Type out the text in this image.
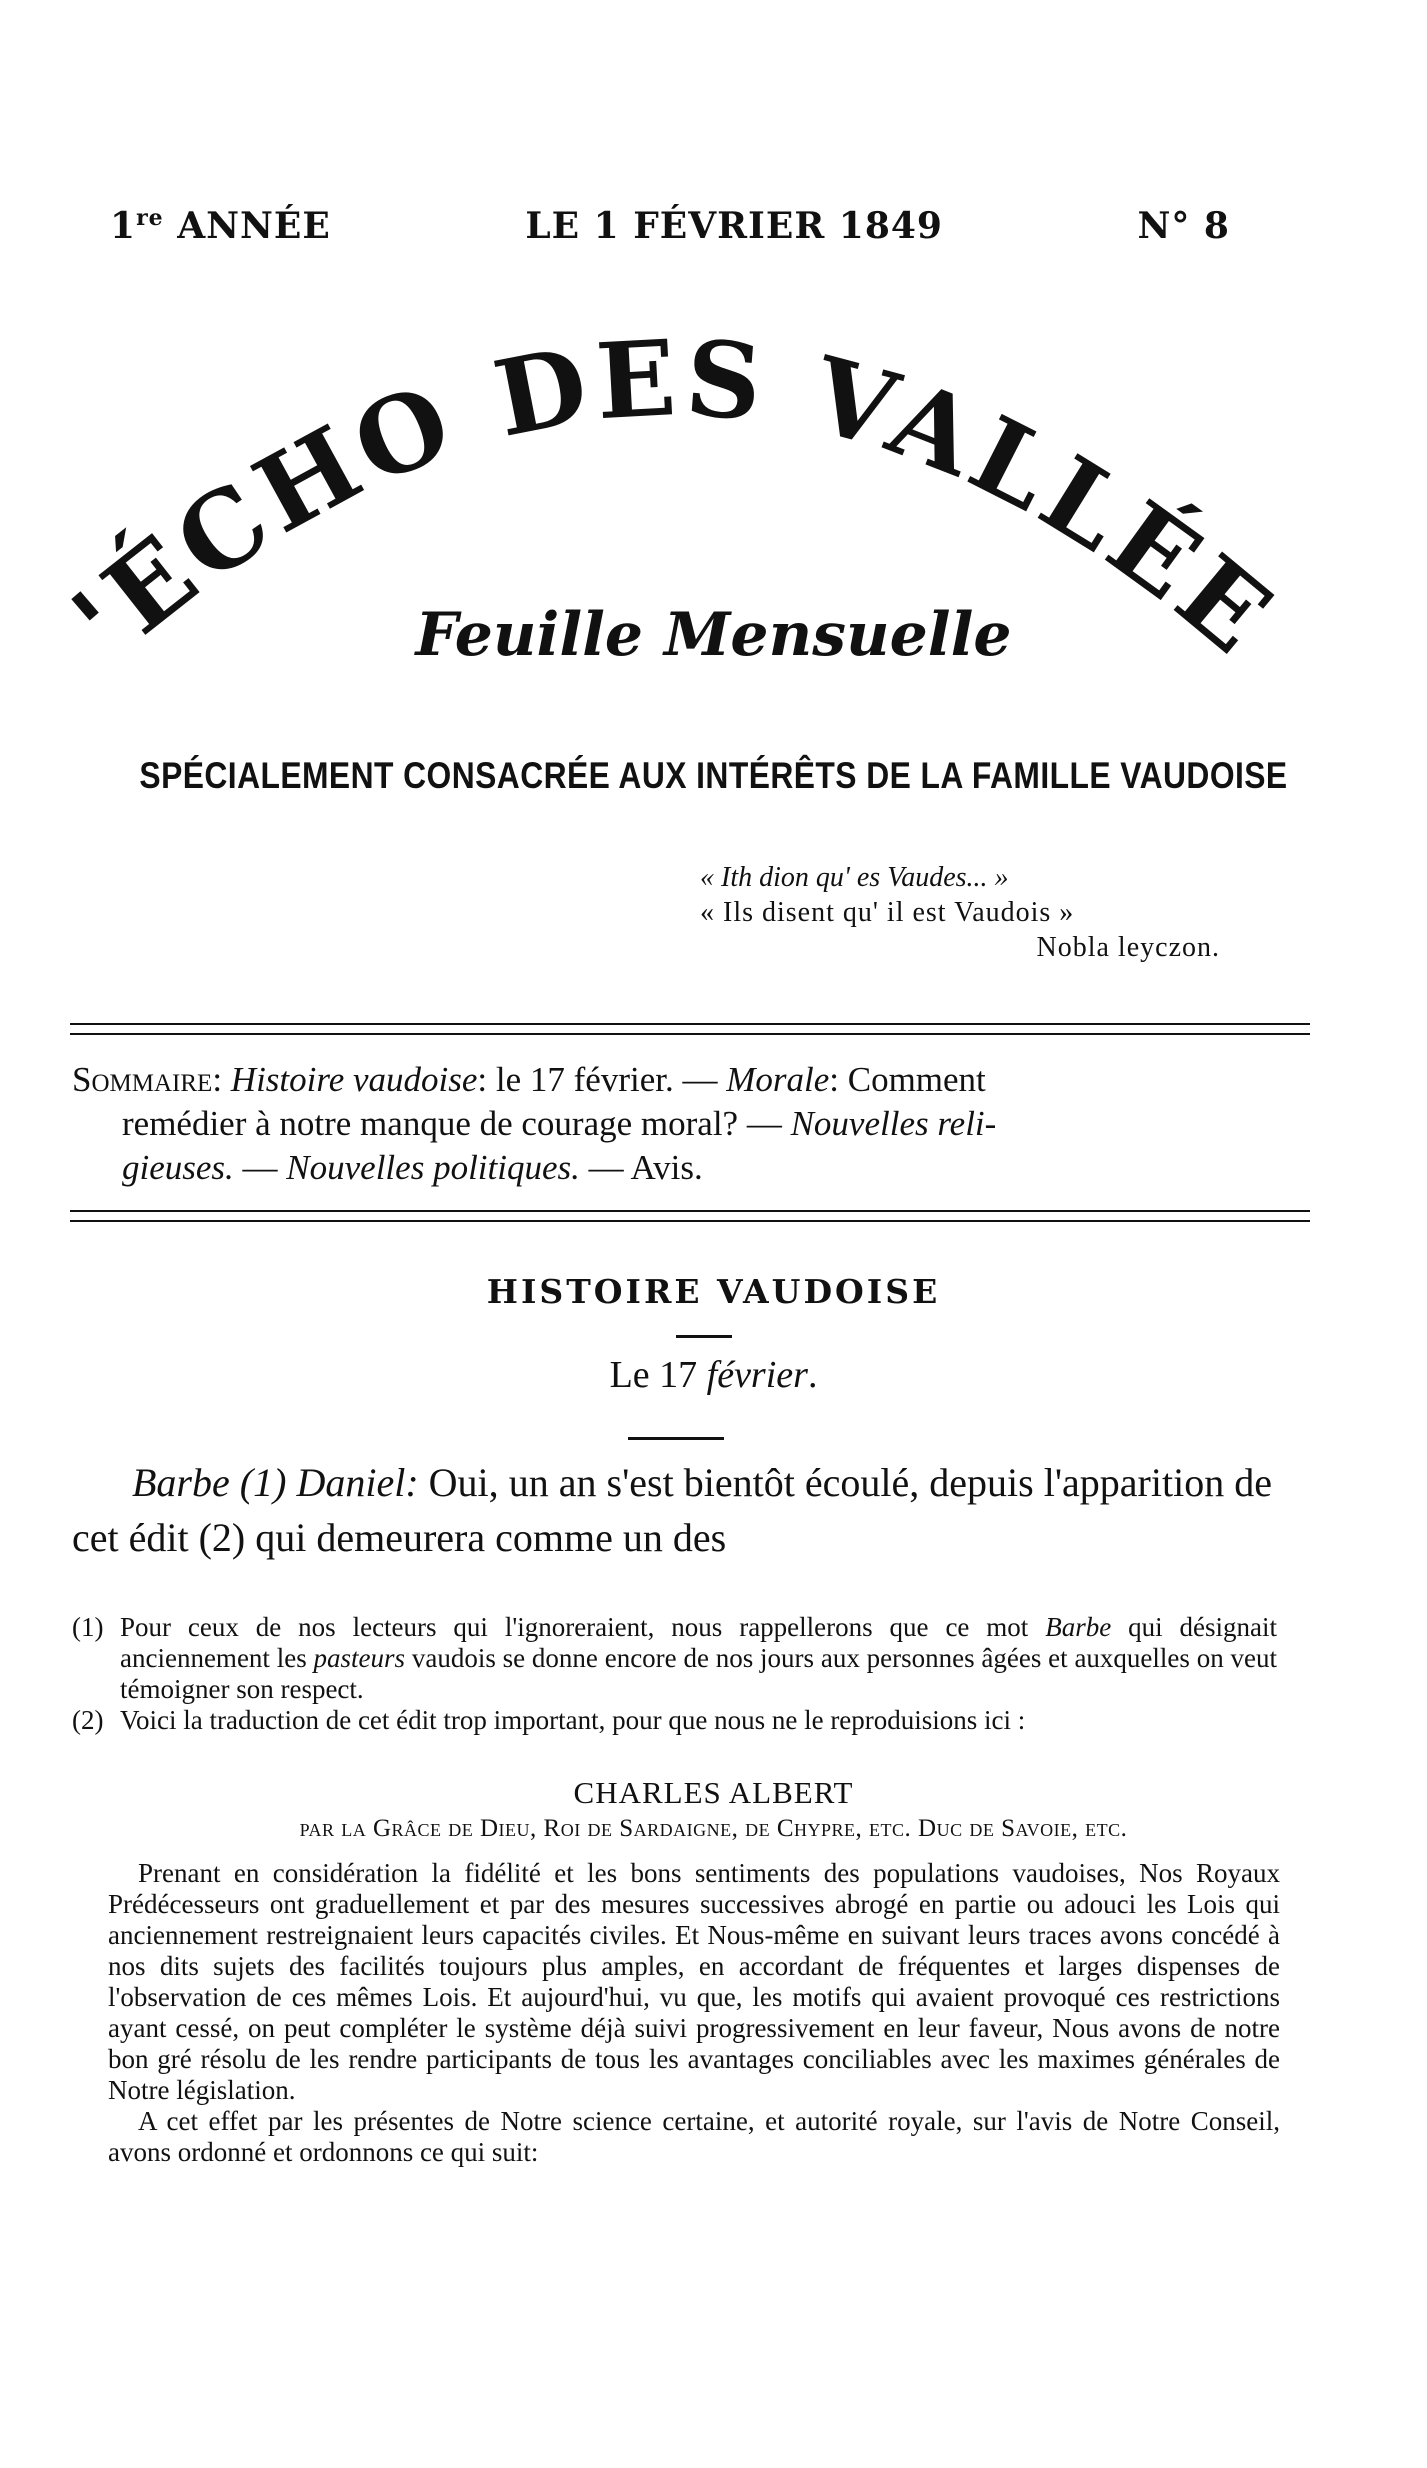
1re ANNÉE	LE 1 FÉVRIER 1849	N° 8
'ÉCHO DES VALLÉE
Feuille Mensuelle
SPÉCIALEMENT CONSACRÉE AUX INTÉRÊTS DE LA FAMILLE VAUDOISE
« Ith dion qu' es Vaudes... »
« Ils disent qu' il est Vaudois »
Nobla leyczon.
Sommaire: Histoire vaudoise: le 17 février. — Morale: Comment
remédier à notre manque de courage moral? — Nouvelles reli-
gieuses. — Nouvelles politiques. — Avis.
HISTOIRE VAUDOISE
Le 17 février.
Barbe (1) Daniel: Oui, un an s'est bientôt écoulé, depuis l'apparition de cet édit (2) qui demeurera comme un des
(1) Pour ceux de nos lecteurs qui l'ignoreraient, nous rappellerons que ce mot Barbe qui désignait anciennement les pasteurs vaudois se donne encore de nos jours aux personnes âgées et auxquelles on veut témoigner son respect.
(2) Voici la traduction de cet édit trop important, pour que nous ne le reproduisions ici :
CHARLES ALBERT
par la Grâce de Dieu, Roi de Sardaigne, de Chypre, etc. Duc de Savoie, etc.

Prenant en considération la fidélité et les bons sentiments des populations vaudoises, Nos Royaux Prédécesseurs ont graduellement et par des mesures successives abrogé en partie ou adouci les Lois qui anciennement restreignaient leurs capacités civiles. Et Nous-même en suivant leurs traces avons concédé à nos dits sujets des facilités toujours plus amples, en accordant de fréquentes et larges dispenses de l'observation de ces mêmes Lois. Et aujourd'hui, vu que, les motifs qui avaient provoqué ces restrictions ayant cessé, on peut compléter le système déjà suivi progressivement en leur faveur, Nous avons de notre bon gré résolu de les rendre participants de tous les avantages conciliables avec les maximes générales de Notre législation.

A cet effet par les présentes de Notre science certaine, et autorité royale, sur l'avis de Notre Conseil, avons ordonné et ordonnons ce qui suit:
